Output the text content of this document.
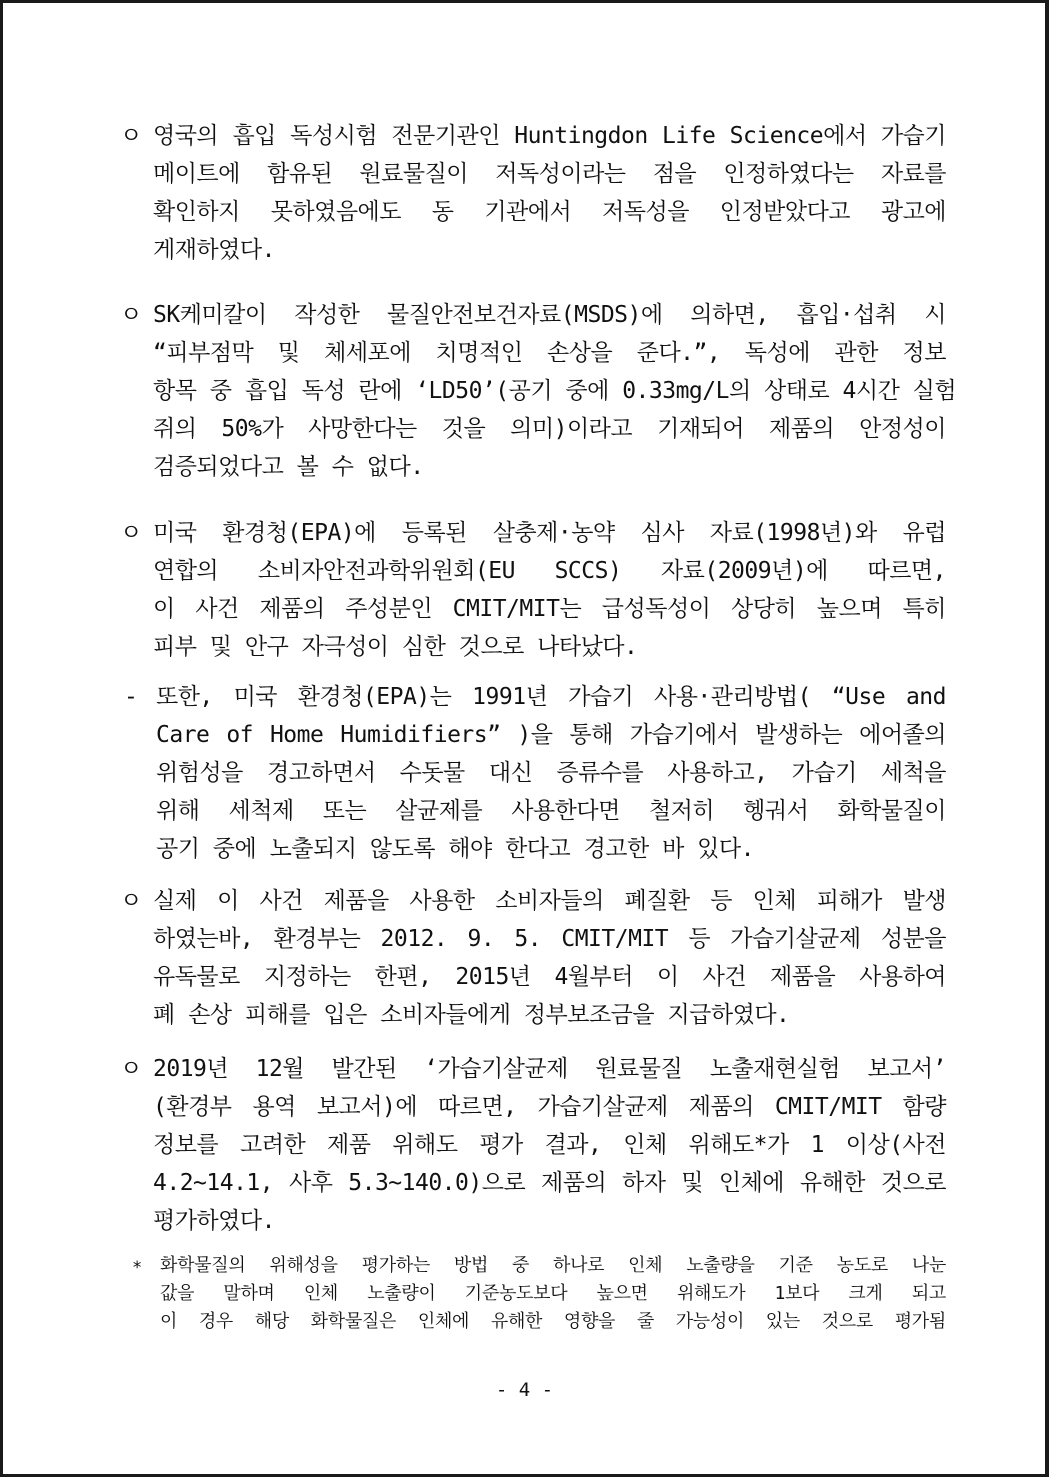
ㅇ 영국의 흡입 독성시험 전문기관인 Huntingdon Life Science에서 가습기
메이트에 함유된 원료물질이 저독성이라는 점을 인정하였다는 자료를
확인하지 못하였음에도 동 기관에서 저독성을 인정받았다고 광고에
게재하였다.
ㅇ SK케미칼이 작성한 물질안전보건자료(MSDS)에 의하면, 흡입·섭취 시
“피부점막 및 체세포에 치명적인 손상을 준다.”, 독성에 관한 정보
항목 중 흡입 독성 란에 ‘LD50’(공기 중에 0.33mg/L의 상태로 4시간 실험
쥐의 50%가 사망한다는 것을 의미)이라고 기재되어 제품의 안정성이
검증되었다고 볼 수 없다.
ㅇ 미국 환경청(EPA)에 등록된 살충제·농약 심사 자료(1998년)와 유럽
연합의 소비자안전과학위원회(EU SCCS) 자료(2009년)에 따르면,
이 사건 제품의 주성분인 CMIT/MIT는 급성독성이 상당히 높으며 특히
피부 및 안구 자극성이 심한 것으로 나타났다.
- 또한, 미국 환경청(EPA)는 1991년 가습기 사용·관리방법( “Use and
Care of Home Humidifiers” )을 통해 가습기에서 발생하는 에어졸의
위험성을 경고하면서 수돗물 대신 증류수를 사용하고, 가습기 세척을
위해 세척제 또는 살균제를 사용한다면 철저히 헹궈서 화학물질이
공기 중에 노출되지 않도록 해야 한다고 경고한 바 있다.
ㅇ 실제 이 사건 제품을 사용한 소비자들의 폐질환 등 인체 피해가 발생
하였는바, 환경부는 2012. 9. 5. CMIT/MIT 등 가습기살균제 성분을
유독물로 지정하는 한편, 2015년 4월부터 이 사건 제품을 사용하여
폐 손상 피해를 입은 소비자들에게 정부보조금을 지급하였다.
ㅇ 2019년 12월 발간된 ‘가습기살균제 원료물질 노출재현실험 보고서’
(환경부 용역 보고서)에 따르면, 가습기살균제 제품의 CMIT/MIT 함량
정보를 고려한 제품 위해도 평가 결과, 인체 위해도*가 1 이상(사전
4.2~14.1, 사후 5.3~140.0)으로 제품의 하자 및 인체에 유해한 것으로
평가하였다.
* 화학물질의 위해성을 평가하는 방법 중 하나로 인체 노출량을 기준 농도로 나눈
값을 말하며 인체 노출량이 기준농도보다 높으면 위해도가 1보다 크게 되고
이 경우 해당 화학물질은 인체에 유해한 영향을 줄 가능성이 있는 것으로 평가됨
- 4 -
